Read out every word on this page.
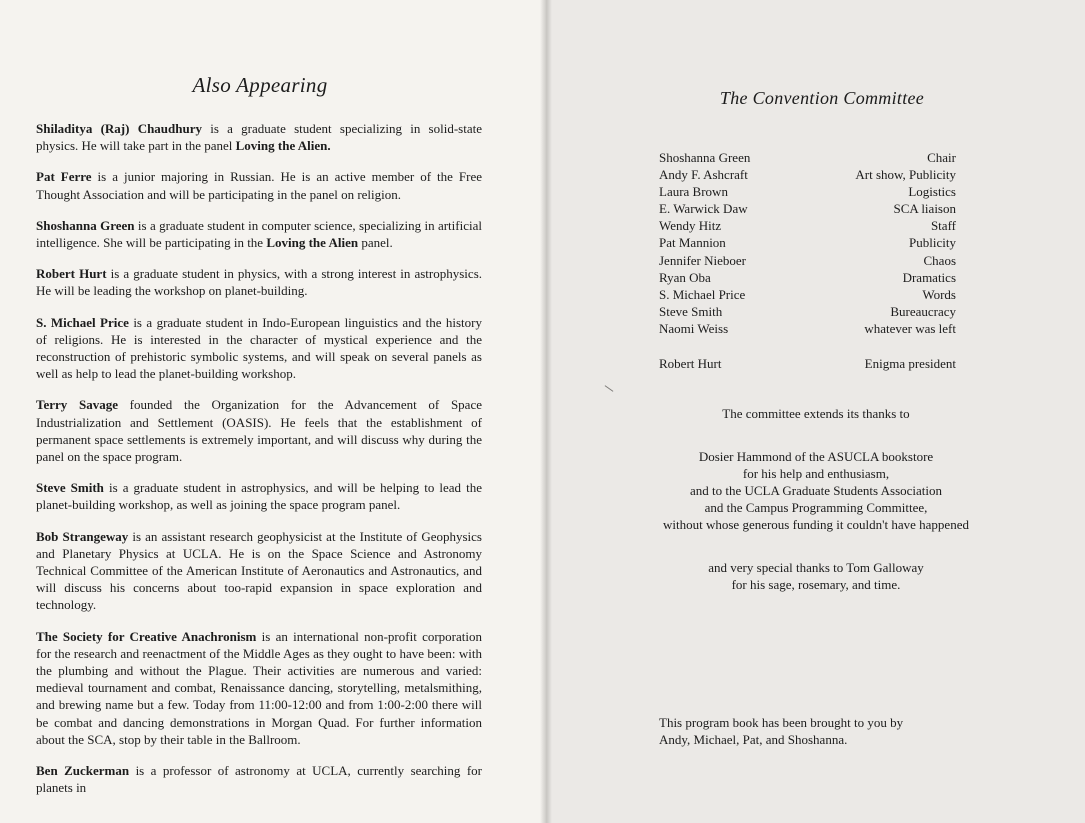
Also Appearing

Shiladitya (Raj) Chaudhury is a graduate student specializing in solid-state physics. He will take part in the panel Loving the Alien.

Pat Ferre is a junior majoring in Russian. He is an active member of the Free Thought Association and will be participating in the panel on religion.

Shoshanna Green is a graduate student in computer science, specializing in artificial intelligence. She will be participating in the Loving the Alien panel.

Robert Hurt is a graduate student in physics, with a strong interest in astrophysics. He will be leading the workshop on planet-building.

S. Michael Price is a graduate student in Indo-European linguistics and the history of religions. He is interested in the character of mystical experience and the reconstruction of prehistoric symbolic systems, and will speak on several panels as well as help to lead the planet-building workshop.

Terry Savage founded the Organization for the Advancement of Space Industrialization and Settlement (OASIS). He feels that the establishment of permanent space settlements is extremely important, and will discuss why during the panel on the space program.

Steve Smith is a graduate student in astrophysics, and will be helping to lead the planet-building workshop, as well as joining the space program panel.

Bob Strangeway is an assistant research geophysicist at the Institute of Geophysics and Planetary Physics at UCLA. He is on the Space Science and Astronomy Technical Committee of the American Institute of Aeronautics and Astronautics, and will discuss his concerns about too-rapid expansion in space exploration and technology.

The Society for Creative Anachronism is an international non-profit corporation for the research and reenactment of the Middle Ages as they ought to have been: with the plumbing and without the Plague. Their activities are numerous and varied: medieval tournament and combat, Renaissance dancing, storytelling, metalsmithing, and brewing name but a few. Today from 11:00-12:00 and from 1:00-2:00 there will be combat and dancing demonstrations in Morgan Quad. For further information about the SCA, stop by their table in the Ballroom.

Ben Zuckerman is a professor of astronomy at UCLA, currently searching for planets in

The Convention Committee
Shoshanna Green	Chair
Andy F. Ashcraft	Art show, Publicity
Laura Brown	Logistics
E. Warwick Daw	SCA liaison
Wendy Hitz	Staff
Pat Mannion	Publicity
Jennifer Nieboer	Chaos
Ryan Oba	Dramatics
S. Michael Price	Words
Steve Smith	Bureaucracy
Naomi Weiss	whatever was left
Robert Hurt	Enigma president
The committee extends its thanks to
Dosier Hammond of the ASUCLA bookstore
for his help and enthusiasm,
and to the UCLA Graduate Students Association
and the Campus Programming Committee,
without whose generous funding it couldn't have happened
and very special thanks to Tom Galloway
for his sage, rosemary, and time.
This program book has been brought to you by
Andy, Michael, Pat, and Shoshanna.
